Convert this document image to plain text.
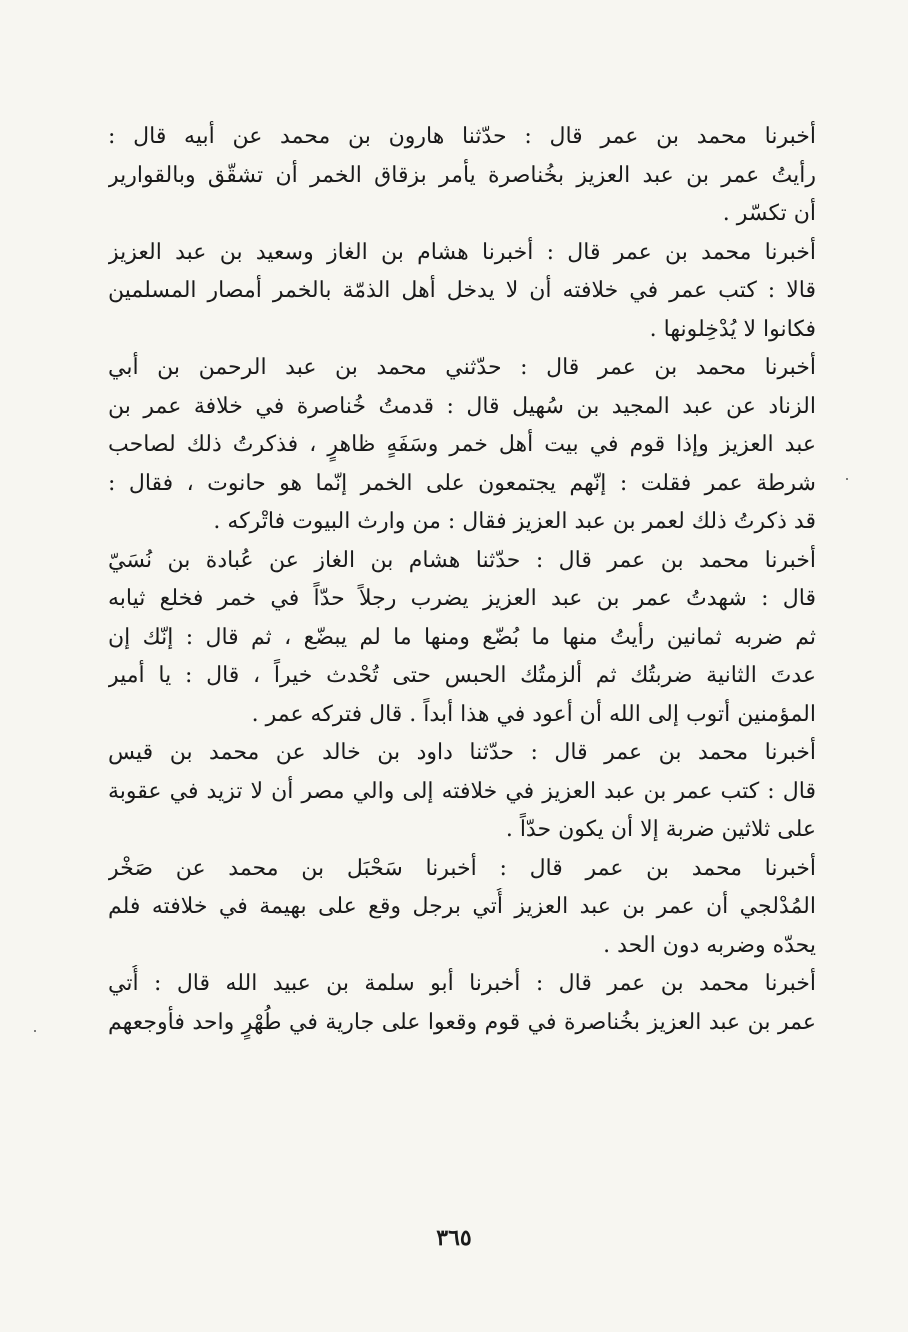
أخبرنا محمد بن عمر قال : حدّثنا هارون بن محمد عن أبيه قال :
رأيتُ عمر بن عبد العزيز بخُناصرة يأمر بزقاق الخمر أن تشقّق وبالقوارير
أن تكسّر .

أخبرنا محمد بن عمر قال : أخبرنا هشام بن الغاز وسعيد بن عبد العزيز
قالا : كتب عمر في خلافته أن لا يدخل أهل الذمّة بالخمر أمصار المسلمين
فكانوا لا يُدْخِلونها .

أخبرنا محمد بن عمر قال : حدّثني محمد بن عبد الرحمن بن أبي
الزناد عن عبد المجيد بن سُهيل قال : قدمتُ خُناصرة في خلافة عمر بن
عبد العزيز وإذا قوم في بيت أهل خمر وسَفَهٍ ظاهرٍ ، فذكرتُ ذلك لصاحب
شرطة عمر فقلت : إنّهم يجتمعون على الخمر إنّما هو حانوت ، فقال :
قد ذكرتُ ذلك لعمر بن عبد العزيز فقال : من وارث البيوت فاتْركه .

أخبرنا محمد بن عمر قال : حدّثنا هشام بن الغاز عن عُبادة بن نُسَيّ
قال : شهدتُ عمر بن عبد العزيز يضرب رجلاً حدّاً في خمر فخلع ثيابه
ثم ضربه ثمانين رأيتُ منها ما بُضّع ومنها ما لم يبضّع ، ثم قال : إنّك إن
عدتَ الثانية ضربتُك ثم ألزمتُك الحبس حتى تُحْدث خيراً ، قال : يا أمير
المؤمنين أتوب إلى الله أن أعود في هذا أبداً . قال فتركه عمر .

أخبرنا محمد بن عمر قال : حدّثنا داود بن خالد عن محمد بن قيس
قال : كتب عمر بن عبد العزيز في خلافته إلى والي مصر أن لا تزيد في عقوبة
على ثلاثين ضربة إلا أن يكون حدّاً .

أخبرنا محمد بن عمر قال : أخبرنا سَحْبَل بن محمد عن صَخْر
المُدْلجي أن عمر بن عبد العزيز أُتي برجل وقع على بهيمة في خلافته فلم
يحدّه وضربه دون الحد .

أخبرنا محمد بن عمر قال : أخبرنا أبو سلمة بن عبيد الله قال : أُتي
عمر بن عبد العزيز بخُناصرة في قوم وقعوا على جارية في طُهْرٍ واحد فأوجعهم

٣٦٥
